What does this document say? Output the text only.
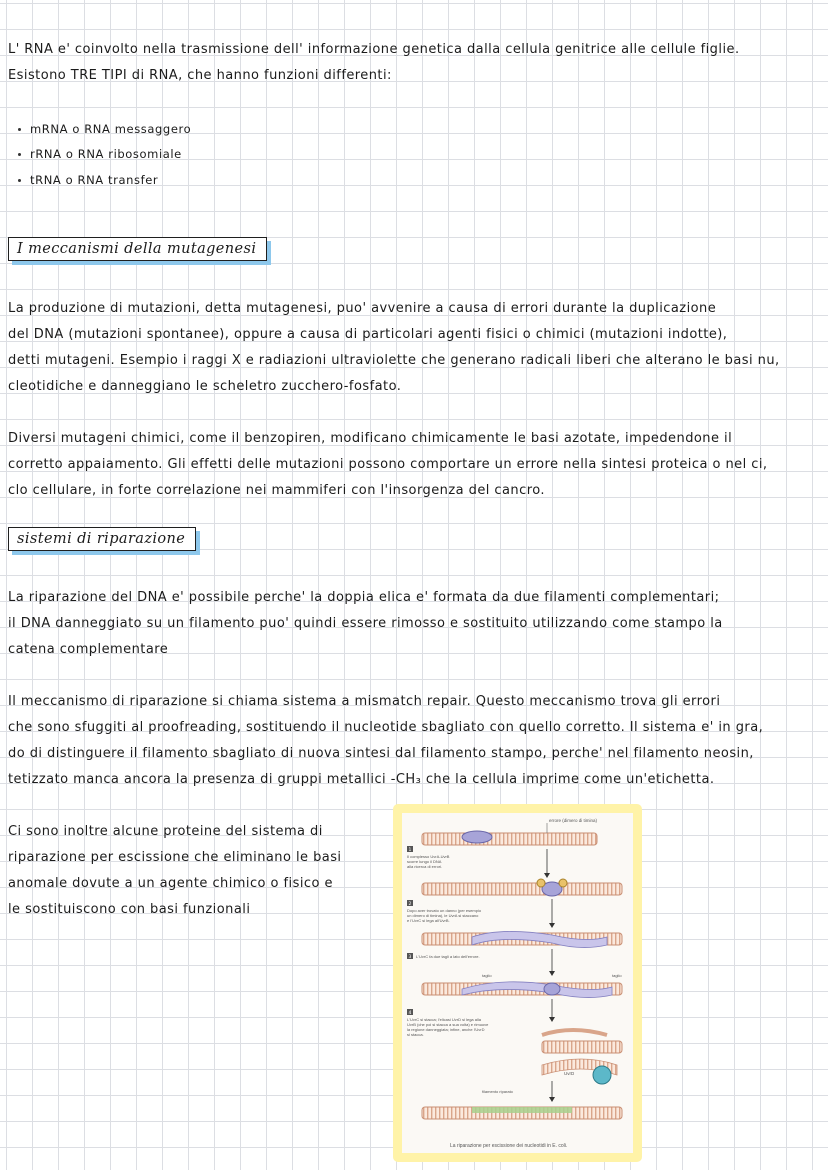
L' RNA e' coinvolto nella trasmissione dell' informazione genetica dalla cellula genitrice alle cellule figlie.
Esistono TRE TIPI di RNA, che hanno funzioni differenti:
mRNA o RNA messaggero
rRNA o RNA ribosomiale
tRNA o RNA transfer
I meccanismi della mutagenesi
La produzione di mutazioni, detta mutagenesi, puo' avvenire a causa di errori durante la duplicazione
del DNA (mutazioni spontanee), oppure a causa di particolari agenti fisici o chimici (mutazioni indotte),
detti mutageni. Esempio i raggi X e radiazioni ultraviolette che generano radicali liberi che alterano le basi nu,
cleotidiche e danneggiano le scheletro zucchero-fosfato.
Diversi mutageni chimici, come il benzopiren, modificano chimicamente le basi azotate, impedendone il
corretto appaiamento. Gli effetti delle mutazioni possono comportare un errore nella sintesi proteica o nel ci,
clo cellulare, in forte correlazione nei mammiferi con l'insorgenza del cancro.
sistemi di riparazione
La riparazione del DNA e' possibile perche' la doppia elica e' formata da due filamenti complementari;
il DNA danneggiato su un filamento puo' quindi essere rimosso e sostituito utilizzando come stampo la
catena complementare
Il meccanismo di riparazione si chiama sistema a mismatch repair. Questo meccanismo trova gli errori
che sono sfuggiti al proofreading, sostituendo il nucleotide sbagliato con quello corretto. Il sistema e' in gra,
do di distinguere il filamento sbagliato di nuova sintesi dal filamento stampo, perche' nel filamento neosin,
tetizzato manca ancora la presenza di gruppi metallici -CH₃ che la cellula imprime come un'etichetta.
Ci sono inoltre alcune proteine del sistema di
riparazione per escissione che eliminano le basi
anomale dovute a un agente chimico o fisico e
le sostituiscono con basi funzionali
errore (dimero di timina)
1
Il complesso UvrA-UvrB
scorre lungo il DNA
alla ricerca di errori.
2
Dopo aver trovato un danno (per esempio
un dimero di timina), le UvrA si staccano
e l'UvrC si lega all'UvrB.
3 L'UvrC fa due tagli a lato dell'errore.
taglio	taglio
4
L'UvrC si stacca; l'elicasi UvrD si lega alla
UvrB (che poi si stacca a sua volta) e rimuove
la regione danneggiata; infine, anche l'UvrD
si stacca.
UvrD
filamento riparato
La riparazione per escissione dei nucleotidi in E. coli.
